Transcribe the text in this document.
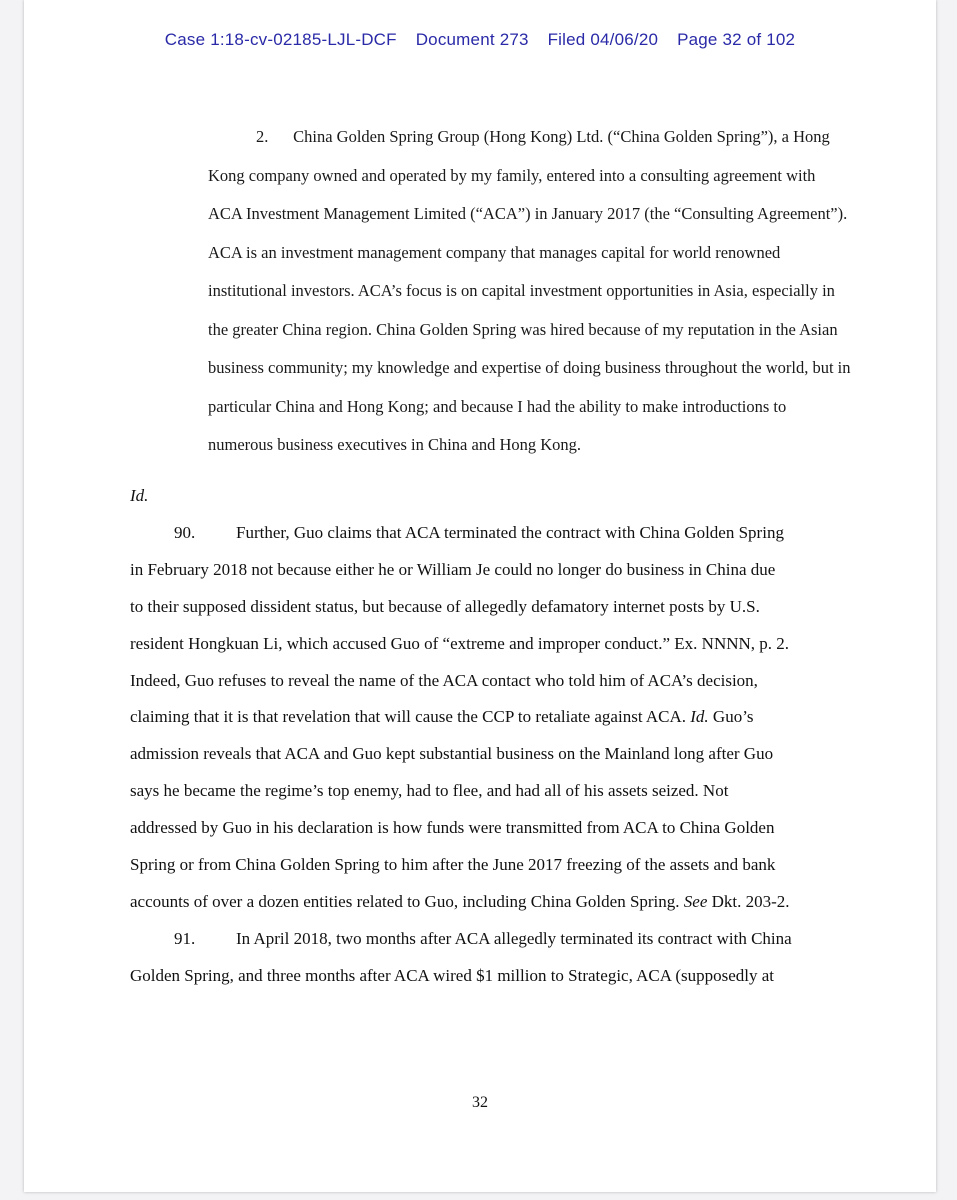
Case 1:18-cv-02185-LJL-DCF Document 273 Filed 04/06/20 Page 32 of 102
2. China Golden Spring Group (Hong Kong) Ltd. (“China Golden Spring”), a Hong
Kong company owned and operated by my family, entered into a consulting agreement with
ACA Investment Management Limited (“ACA”) in January 2017 (the “Consulting Agreement”).
ACA is an investment management company that manages capital for world renowned
institutional investors. ACA’s focus is on capital investment opportunities in Asia, especially in
the greater China region. China Golden Spring was hired because of my reputation in the Asian
business community; my knowledge and expertise of doing business throughout the world, but in
particular China and Hong Kong; and because I had the ability to make introductions to
numerous business executives in China and Hong Kong.
Id.
90. Further, Guo claims that ACA terminated the contract with China Golden Spring
in February 2018 not because either he or William Je could no longer do business in China due
to their supposed dissident status, but because of allegedly defamatory internet posts by U.S.
resident Hongkuan Li, which accused Guo of “extreme and improper conduct.” Ex. NNNN, p. 2.
Indeed, Guo refuses to reveal the name of the ACA contact who told him of ACA’s decision,
claiming that it is that revelation that will cause the CCP to retaliate against ACA. Id. Guo’s
admission reveals that ACA and Guo kept substantial business on the Mainland long after Guo
says he became the regime’s top enemy, had to flee, and had all of his assets seized. Not
addressed by Guo in his declaration is how funds were transmitted from ACA to China Golden
Spring or from China Golden Spring to him after the June 2017 freezing of the assets and bank
accounts of over a dozen entities related to Guo, including China Golden Spring. See Dkt. 203-2.
91. In April 2018, two months after ACA allegedly terminated its contract with China
Golden Spring, and three months after ACA wired $1 million to Strategic, ACA (supposedly at
32
